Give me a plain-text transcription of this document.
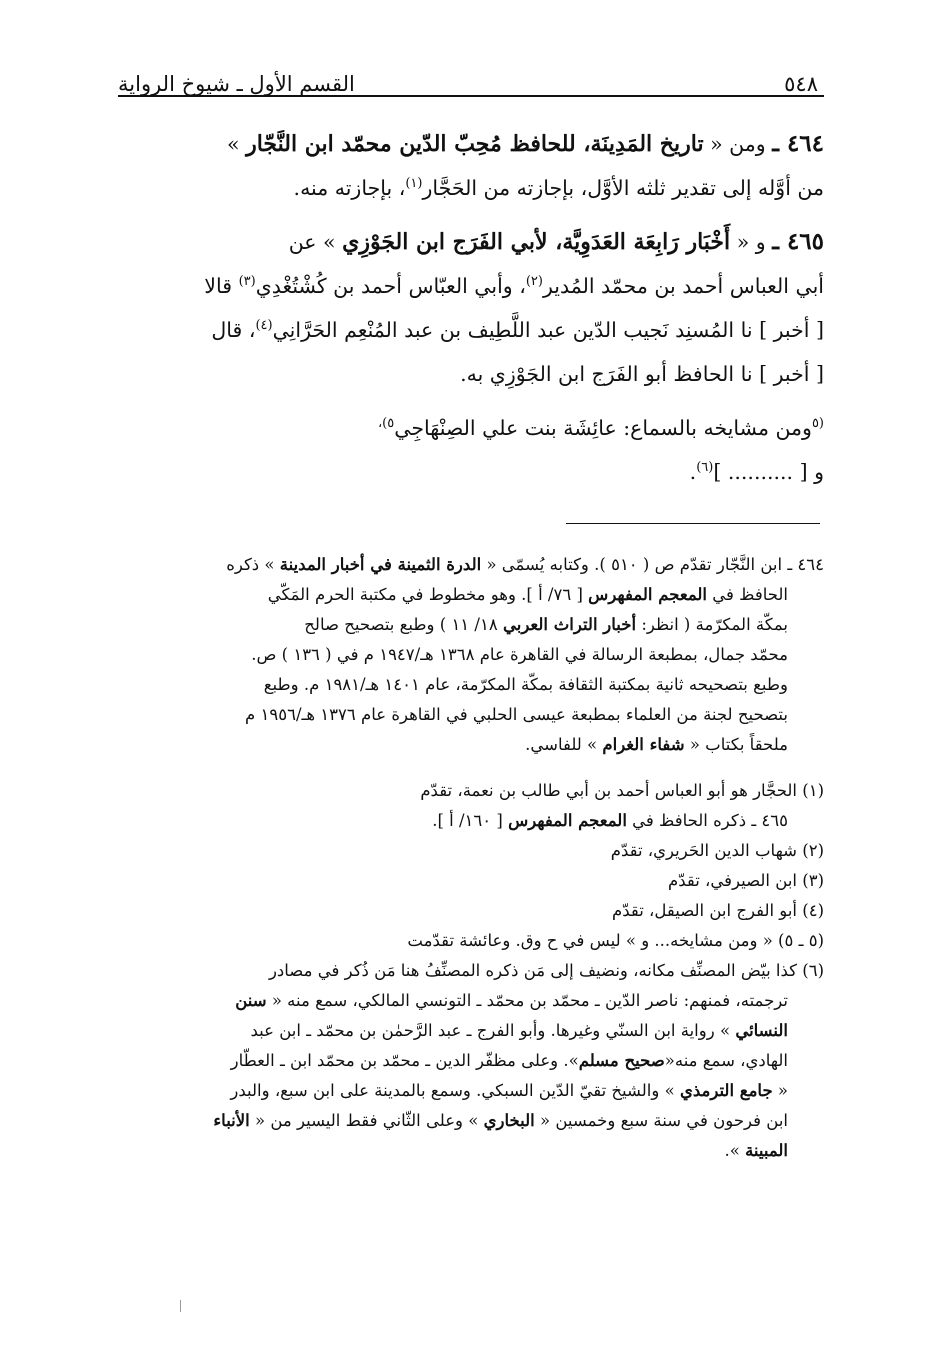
٥٤٨
القسم الأول ـ شيوخ الرواية
٤٦٤ ـ ومن « تاريخ المَدِينَة، للحافظ مُحِبّ الدّين محمّد ابن النَّجّار »
من أوَّله إلى تقدير ثلثه الأوَّل، بإجازته من الحَجَّار$^{(١)}$، بإجازته منه.
٤٦٥ ـ و « أَخْبَار رَابِعَة العَدَوِيَّة، لأبي الفَرَج ابن الجَوْزِي » عن
أبي العباس أحمد بن محمّد المُدير$^{(٢)}$، وأبي العبّاس أحمد بن كُشْتُغْدِي$^{(٣)}$ قالا
[ أخبر ] نا المُسنِد نَجيب الدّين عبد اللَّطِيف بن عبد المُنْعِم الحَرَّانِي$^{(٤)}$، قال
[ أخبر ] نا الحافظ أبو الفَرَج ابن الجَوْزِي به.
$^{(٥}$ومن مشايخه بالسماع: عائِشَة بنت علي الصِنْهَاجِي$^{٥)،}$
و [ .......... ]$^{(٦)}$.
٤٦٤ ـ ابن النَّجّار تقدّم ص ( ٥١٠ ). وكتابه يُسمّى « الدرة الثمينة في أخبار المدينة » ذكره
الحافظ في المعجم المفهرس [ ٧٦/ أ ]. وهو مخطوط في مكتبة الحرم المَكّي
بمكّة المكرّمة ( انظر: أخبار التراث العربي ١٨/ ١١ ) وطبع بتصحيح صالح
محمّد جمال، بمطبعة الرسالة في القاهرة عام ١٣٦٨ هـ/١٩٤٧ م في ( ١٣٦ ) ص.
وطبع بتصحيحه ثانية بمكتبة الثقافة بمكّة المكرّمة، عام ١٤٠١ هـ/١٩٨١ م. وطبع
بتصحيح لجنة من العلماء بمطبعة عيسى الحلبي في القاهرة عام ١٣٧٦ هـ/١٩٥٦ م
ملحقاً بكتاب « شفاء الغرام » للفاسي.
(١) الحجَّار هو أبو العباس أحمد بن أبي طالب بن نعمة، تقدّم
٤٦٥ ـ ذكره الحافظ في المعجم المفهرس [ ١٦٠/ أ ].
(٢) شهاب الدين الحَريري، تقدّم
(٣) ابن الصيرفي، تقدّم
(٤) أبو الفرج ابن الصيقل، تقدّم
(٥ ـ ٥) « ومن مشايخه... و » ليس في ح وق. وعائشة تقدّمت
(٦) كذا بيّض المصنِّف مكانه، ونضيف إلى مَن ذكره المصنِّفُ هنا مَن ذُكر في مصادر
ترجمته، فمنهم: ناصر الدّين ـ محمّد بن محمّد ـ التونسي المالكي، سمع منه « سنن
النسائي » رواية ابن السنّي وغيرها. وأبو الفرج ـ عبد الرَّحمٰن بن محمّد ـ ابن عبد
الهادي، سمع منه«صحيح مسلم». وعلى مظفّر الدين ـ محمّد بن محمّد ابن ـ العطّار
« جامع الترمذي » والشيخ تقيّ الدّين السبكي. وسمع بالمدينة على ابن سبع، والبدر
ابن فرحون في سنة سبع وخمسين « البخاري » وعلى الثّاني فقط اليسير من « الأنباء
المبينة ».
